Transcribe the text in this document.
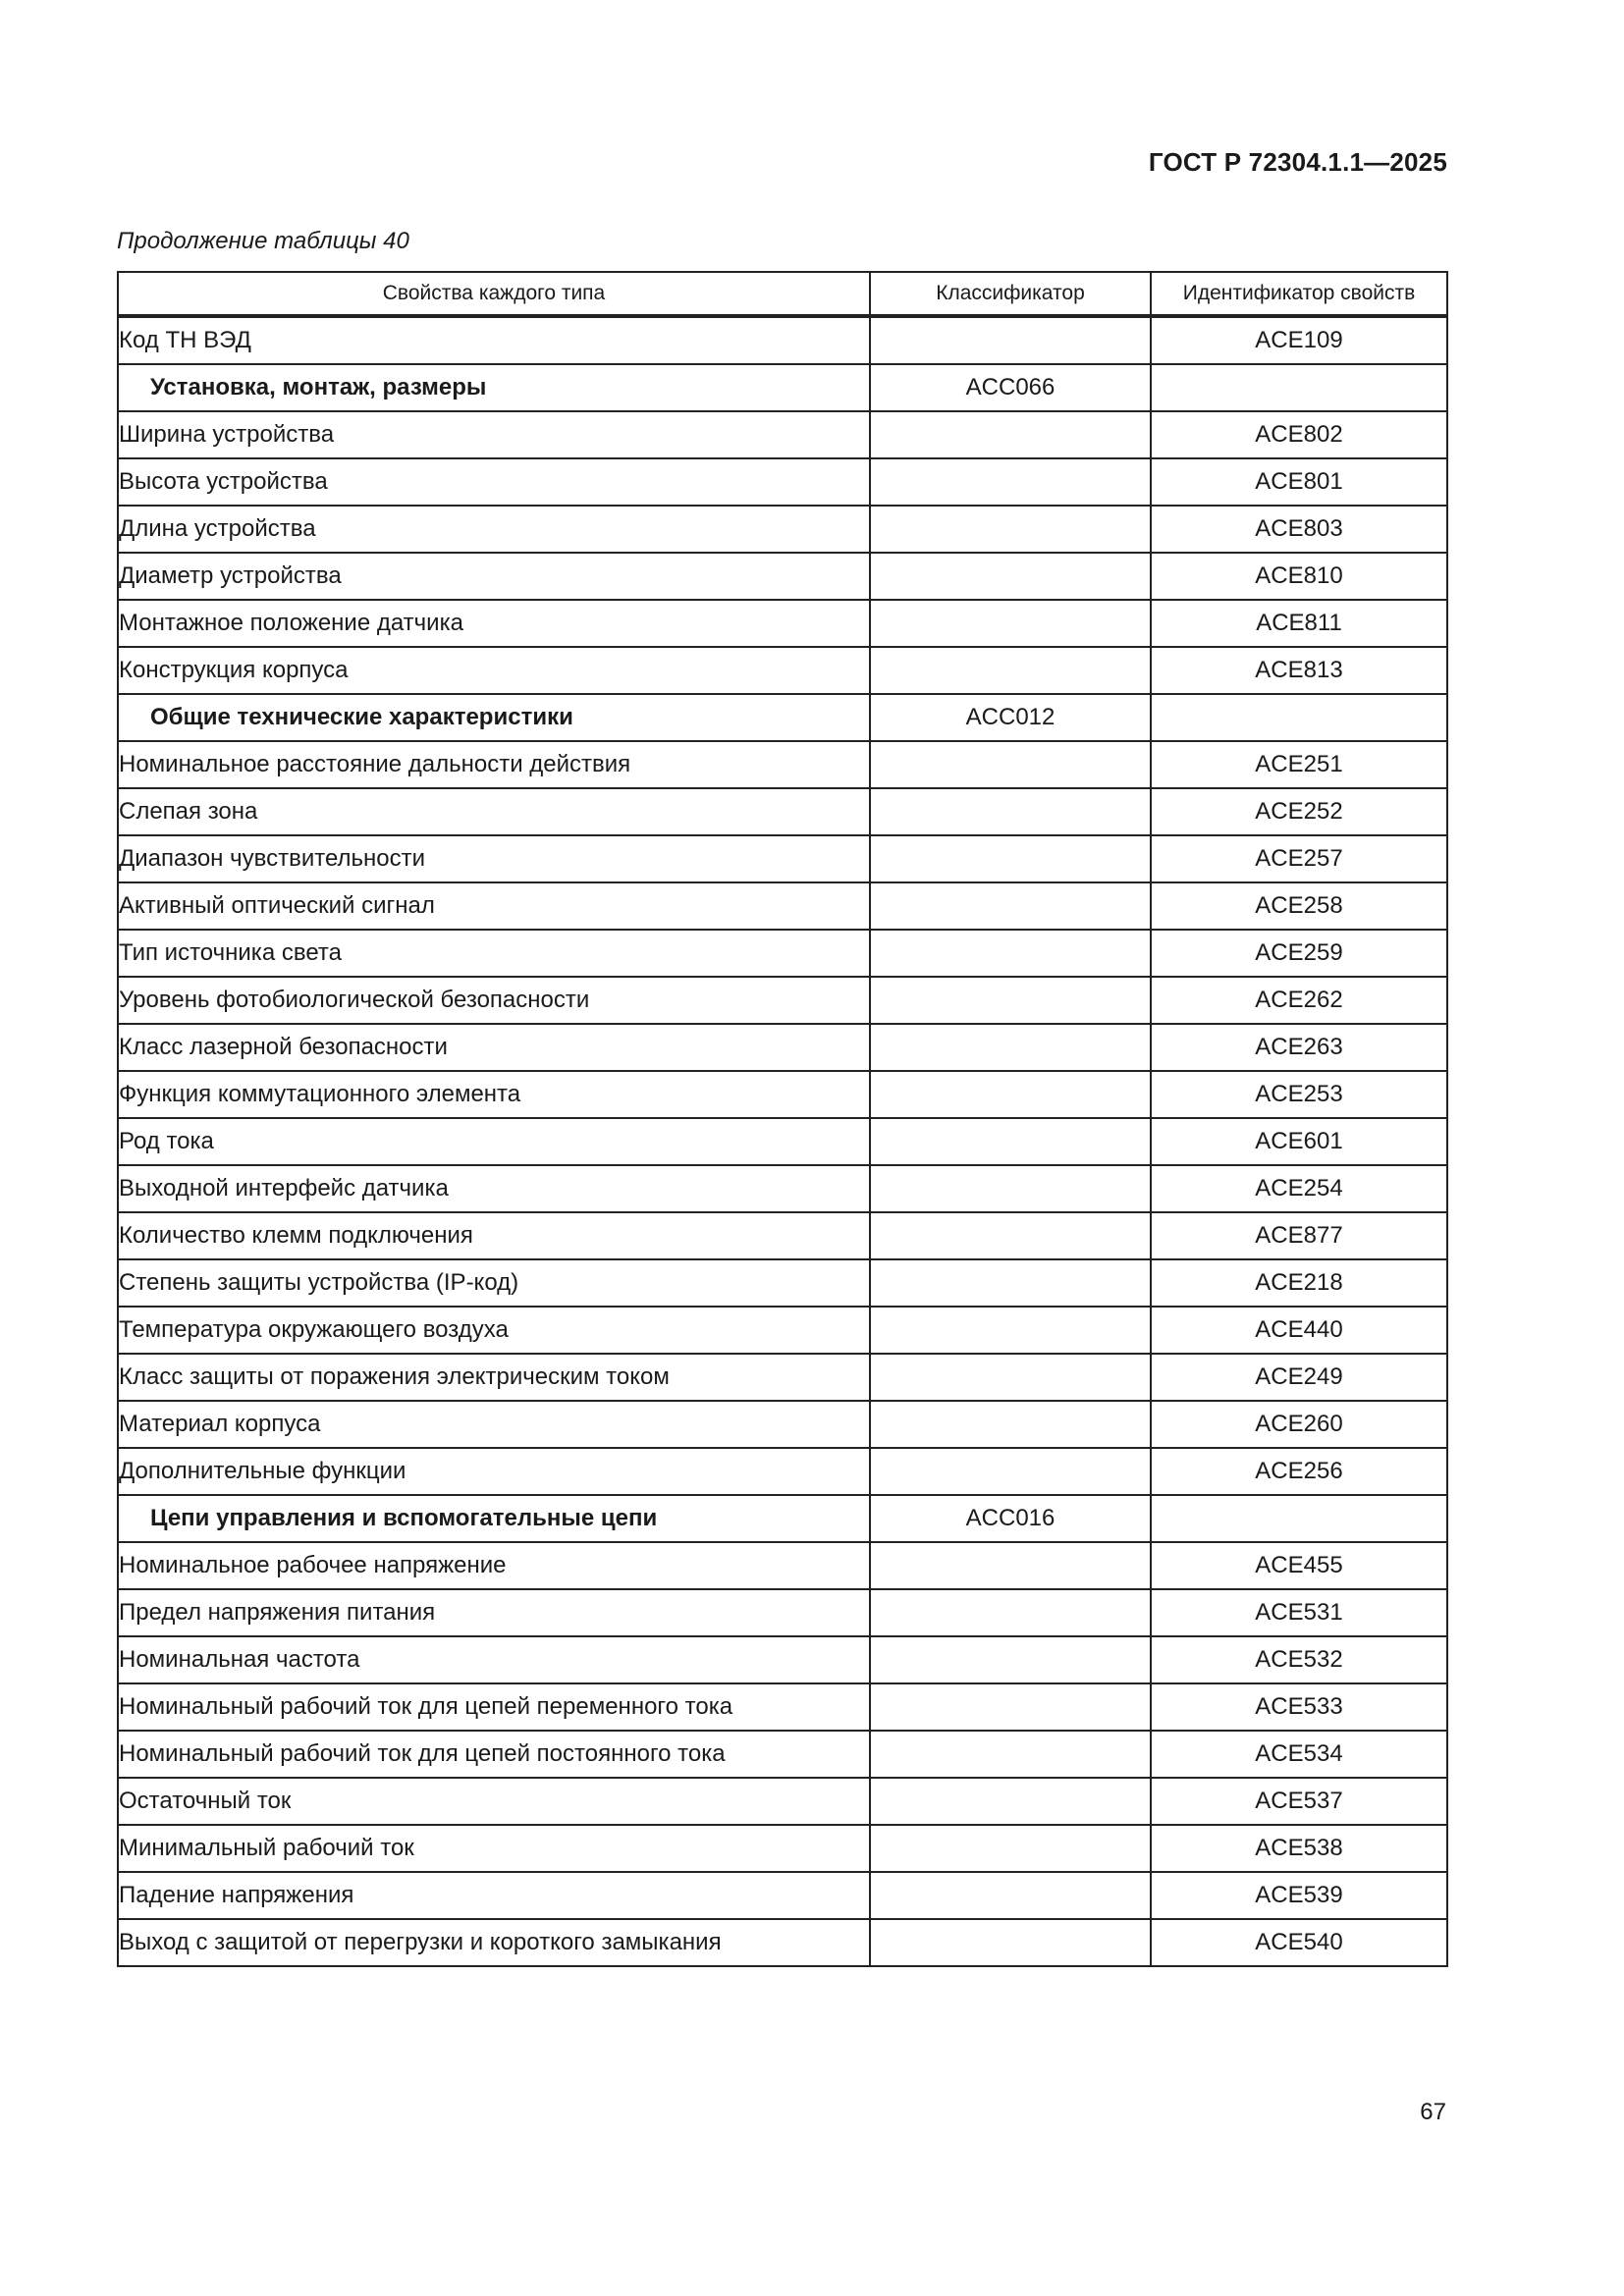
ГОСТ Р 72304.1.1—2025
Продолжение таблицы 40
Свойства каждого типа	Классификатор	Идентификатор свойств
Код ТН ВЭД		ACE109
Установка, монтаж, размеры	ACC066	
Ширина устройства		ACE802
Высота устройства		ACE801
Длина устройства		ACE803
Диаметр устройства		ACE810
Монтажное положение датчика		ACE811
Конструкция корпуса		ACE813
Общие технические характеристики	ACC012	
Номинальное расстояние дальности действия		ACE251
Слепая зона		ACE252
Диапазон чувствительности		ACE257
Активный оптический сигнал		ACE258
Тип источника света		ACE259
Уровень фотобиологической безопасности		ACE262
Класс лазерной безопасности		ACE263
Функция коммутационного элемента		ACE253
Род тока		ACE601
Выходной интерфейс датчика		ACE254
Количество клемм подключения		ACE877
Степень защиты устройства (IP-код)		ACE218
Температура окружающего воздуха		ACE440
Класс защиты от поражения электрическим током		ACE249
Материал корпуса		ACE260
Дополнительные функции		ACE256
Цепи управления и вспомогательные цепи	ACC016	
Номинальное рабочее напряжение		ACE455
Предел напряжения питания		ACE531
Номинальная частота		ACE532
Номинальный рабочий ток для цепей переменного тока		ACE533
Номинальный рабочий ток для цепей постоянного тока		ACE534
Остаточный ток		ACE537
Минимальный рабочий ток		ACE538
Падение напряжения		ACE539
Выход с защитой от перегрузки и короткого замыкания		ACE540
67
